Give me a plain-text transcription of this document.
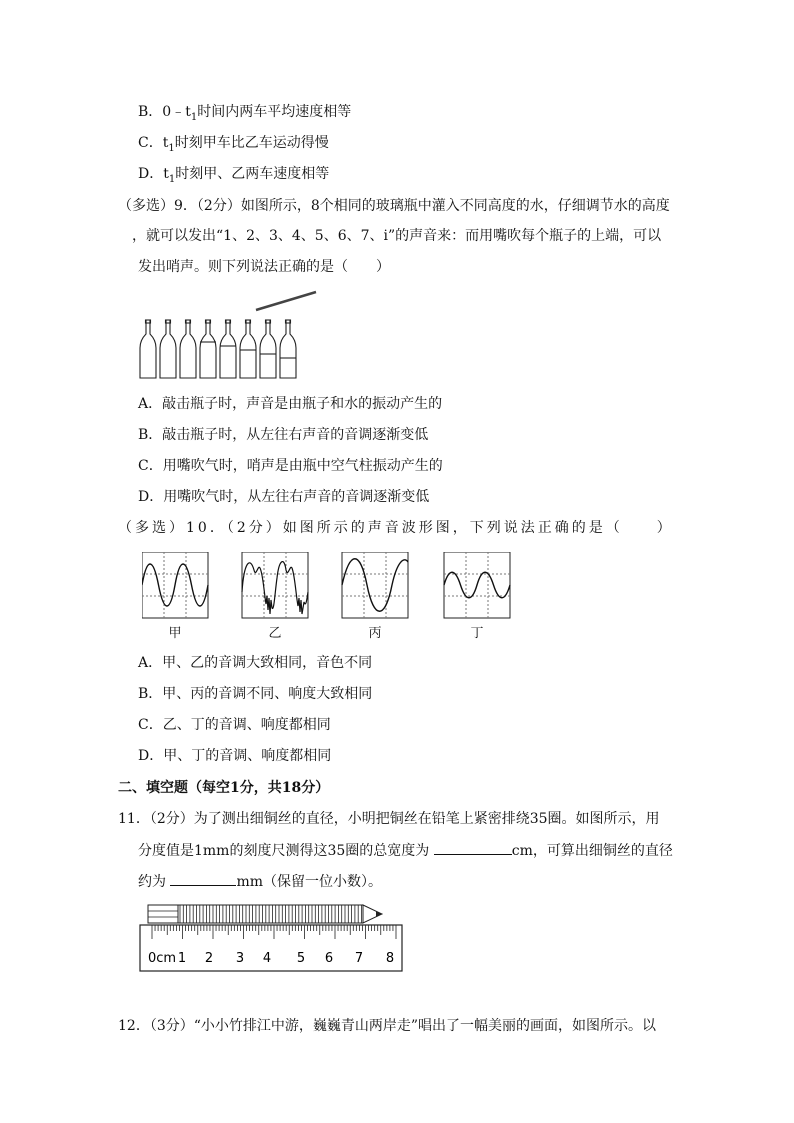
B．$0﹣t_1$时间内两车平均速度相等
C．$t_1$时刻甲车比乙车运动得慢
D．$t_1$时刻甲、乙两车速度相等
（多选）9．（2分）如图所示，8个相同的玻璃瓶中灌入不同高度的水，仔细调节水的高度
，就可以发出“1、2、3、4、5、6、7、i”的声音来：而用嘴吹每个瓶子的上端，可以
发出哨声。则下列说法正确的是（　　）
A．敲击瓶子时，声音是由瓶子和水的振动产生的
B．敲击瓶子时，从左往右声音的音调逐渐变低
C．用嘴吹气时，哨声是由瓶中空气柱振动产生的
D．用嘴吹气时，从左往右声音的音调逐渐变低
（多选）10．（2分）如图所示的声音波形图，下列说法正确的是（　　）
甲	乙	丙	丁
A．甲、乙的音调大致相同，音色不同
B．甲、丙的音调不同、响度大致相同
C．乙、丁的音调、响度都相同
D．甲、丁的音调、响度都相同
二、填空题（每空1分，共18分）
11．（2分）为了测出细铜丝的直径，小明把铜丝在铅笔上紧密排绕35圈。如图所示，用
分度值是1mm的刻度尺测得这35圈的总宽度为	cm，可算出细铜丝的直径
约为	mm（保留一位小数）。
0cm 1 2 3 4 5 6 7 8
12．（3分）“小小竹排江中游，巍巍青山两岸走”唱出了一幅美丽的画面，如图所示。以
